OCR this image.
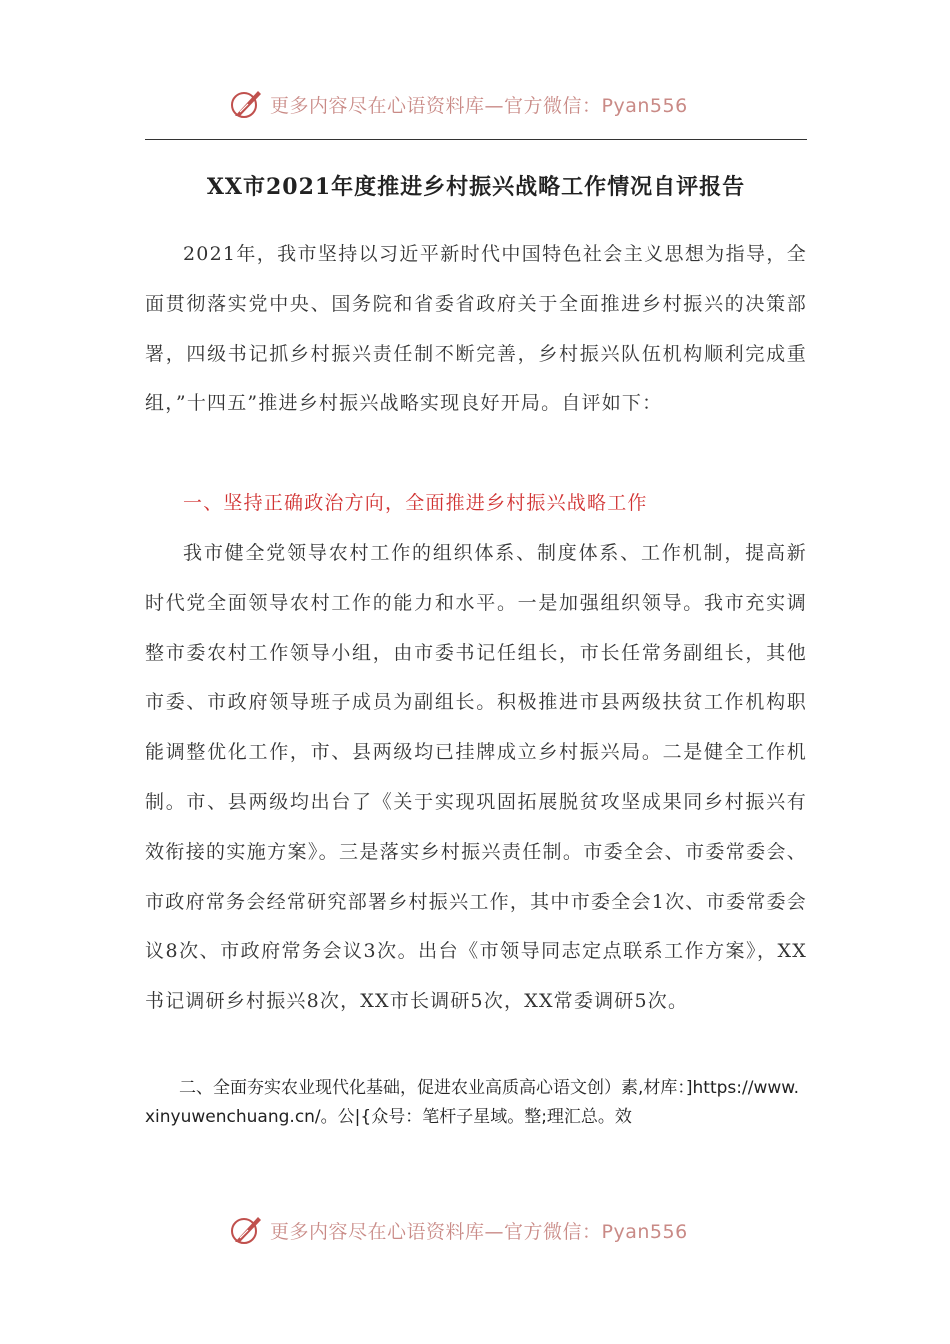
更多内容尽在心语资料库—官方微信：Pyan556
XX市2021年度推进乡村振兴战略工作情况自评报告
2021年，我市坚持以习近平新时代中国特色社会主义思想为指导，全面贯彻落实党中央、国务院和省委省政府关于全面推进乡村振兴的决策部署，四级书记抓乡村振兴责任制不断完善，乡村振兴队伍机构顺利完成重组，”十四五”推进乡村振兴战略实现良好开局。自评如下：
一、坚持正确政治方向，全面推进乡村振兴战略工作
我市健全党领导农村工作的组织体系、制度体系、工作机制，提高新时代党全面领导农村工作的能力和水平。一是加强组织领导。我市充实调整市委农村工作领导小组，由市委书记任组长，市长任常务副组长，其他市委、市政府领导班子成员为副组长。积极推进市县两级扶贫工作机构职能调整优化工作，市、县两级均已挂牌成立乡村振兴局。二是健全工作机制。市、县两级均出台了《关于实现巩固拓展脱贫攻坚成果同乡村振兴有效衔接的实施方案》。三是落实乡村振兴责任制。市委全会、市委常委会、市政府常务会经常研究部署乡村振兴工作，其中市委全会1次、市委常委会议8次、市政府常务会议3次。出台《市领导同志定点联系工作方案》，XX书记调研乡村振兴8次，XX市长调研5次，XX常委调研5次。
二、全面夯实农业现代化基础，促进农业高质高心语文创）素,材库：]https://www.xinyuwenchuang.cn/。公|{众号：笔杆子星域。整;理汇总。效
更多内容尽在心语资料库—官方微信：Pyan556
